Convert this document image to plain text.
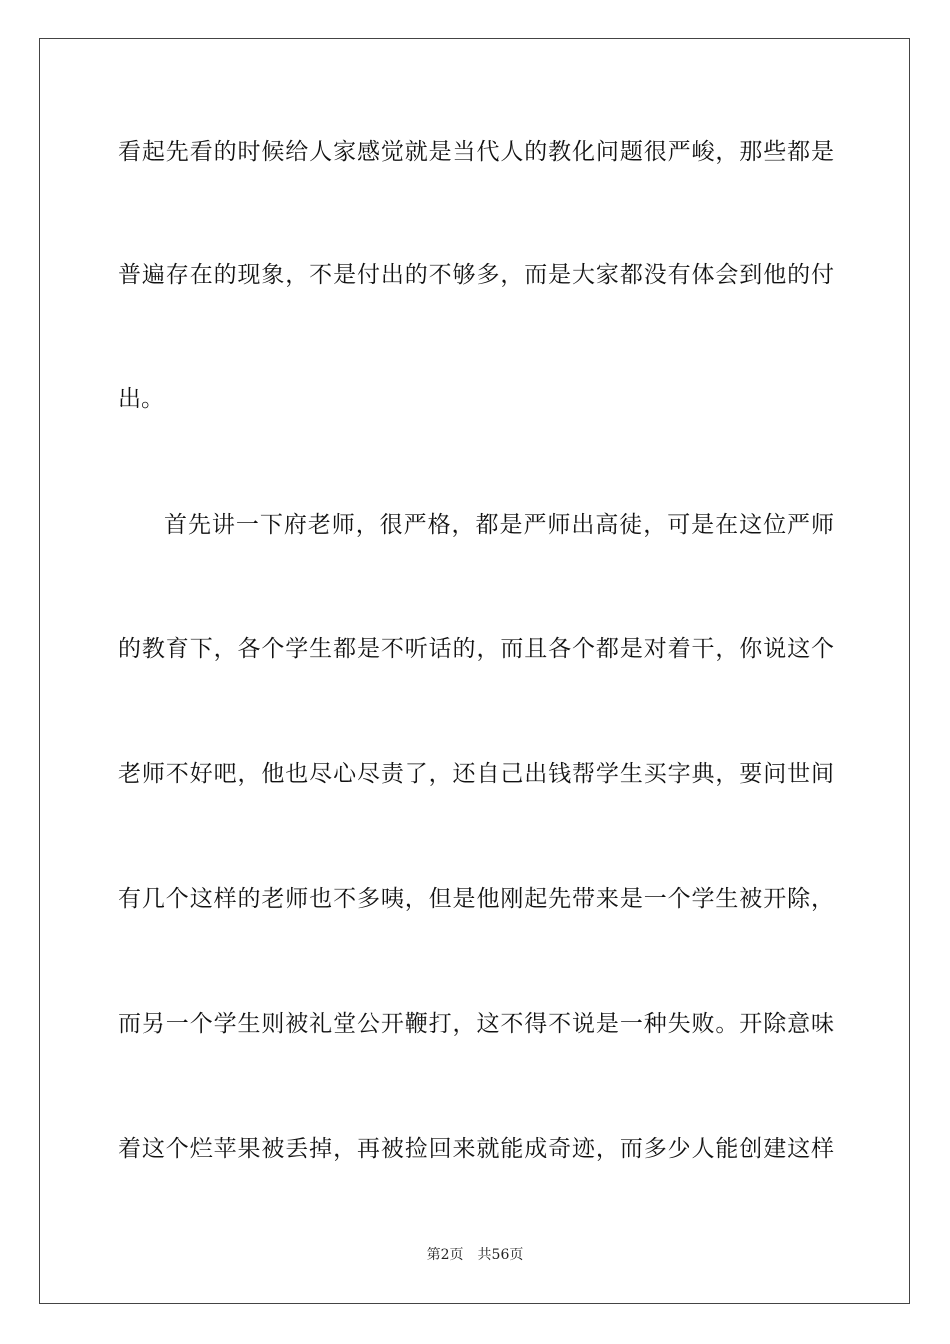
看起先看的时候给人家感觉就是当代人的教化问题很严峻，那些都是
普遍存在的现象，不是付出的不够多，而是大家都没有体会到他的付
出。
首先讲一下府老师，很严格，都是严师出高徒，可是在这位严师
的教育下，各个学生都是不听话的，而且各个都是对着干，你说这个
老师不好吧，他也尽心尽责了，还自己出钱帮学生买字典，要问世间
有几个这样的老师也不多咦，但是他刚起先带来是一个学生被开除，
而另一个学生则被礼堂公开鞭打，这不得不说是一种失败。开除意味
着这个烂苹果被丢掉，再被捡回来就能成奇迹，而多少人能创建这样
第2页 共56页
